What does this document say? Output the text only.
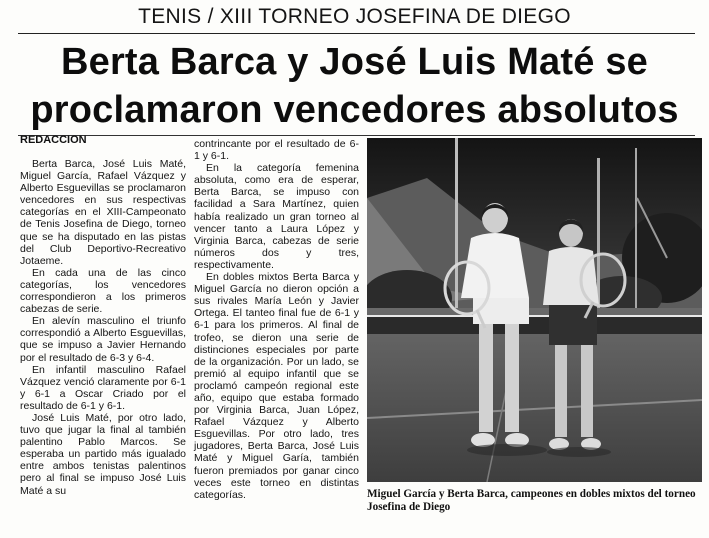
TENIS / XIII TORNEO JOSEFINA DE DIEGO
Berta Barca y José Luis Maté se
proclamaron vencedores absolutos
REDACCION

Berta Barca, José Luis Maté, Miguel García, Rafael Vázquez y Alberto Esguevillas se proclamaron vencedores en sus respectivas categorías en el XIII-Campeonato de Tenis Josefina de Diego, torneo que se ha disputado en las pistas del Club Deportivo-Recreativo Jotaeme.

En cada una de las cinco categorías, los vencedores correspondieron a los primeros cabezas de serie.

En alevín masculino el triunfo correspondió a Alberto Esguevillas, que se impuso a Javier Hernando por el resultado de 6-3 y 6-4.

En infantil masculino Rafael Vázquez venció claramente por 6-1 y 6-1 a Oscar Criado por el resultado de 6-1 y 6-1.

José Luis Maté, por otro lado, tuvo que jugar la final al también palentino Pablo Marcos. Se esperaba un partido más igualado entre ambos tenistas palentinos pero al final se impuso José Luis Maté a su

contrincante por el resultado de 6-1 y 6-1.

En la categoría femenina absoluta, como era de esperar, Berta Barca, se impuso con facilidad a Sara Martínez, quien había realizado un gran torneo al vencer tanto a Laura López y Virginia Barca, cabezas de serie números dos y tres, respectivamente.

En dobles mixtos Berta Barca y Miguel García no dieron opción a sus rivales María León y Javier Ortega. El tanteo final fue de 6-1 y 6-1 para los primeros. Al final de trofeo, se dieron una serie de distinciones especiales por parte de la organización. Por un lado, se premió al equipo infantil que se proclamó campeón regional este año, equipo que estaba formado por Virginia Barca, Juan López, Rafael Vázquez y Alberto Esguevillas. Por otro lado, tres jugadores, Berta Barca, José Luis Maté y Miguel Garía, también fueron premiados por ganar cinco veces este torneo en distintas categorías.	Miguel García y Berta Barca, campeones en dobles mixtos del torneo Josefina de Diego
